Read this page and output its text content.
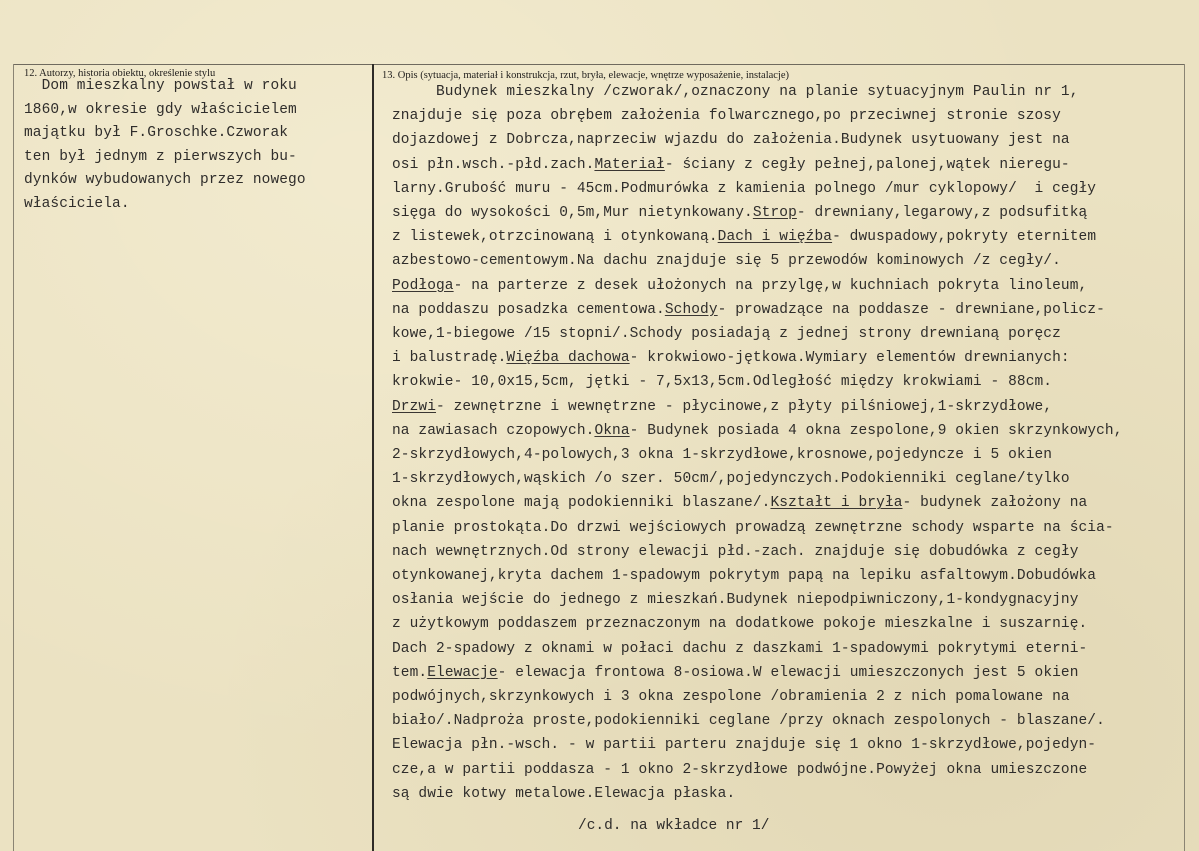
12. Autorzy, historia obiektu, określenie stylu	13. Opis (sytuacja, materiał i konstrukcja, rzut, bryła, elewacje, wnętrze wyposażenie, instalacje)
Dom mieszkalny powstał w roku
1860,w okresie gdy właścicielem
majątku był F.Groschke.Czworak
ten był jednym z pierwszych bu-
dynków wybudowanych przez nowego
właściciela.
Budynek mieszkalny /czworak/,oznaczony na planie sytuacyjnym Paulin nr 1,
znajduje się poza obrębem założenia folwarcznego,po przeciwnej stronie szosy
dojazdowej z Dobrcza,naprzeciw wjazdu do założenia.Budynek usytuowany jest na
osi płn.wsch.-płd.zach.Materiał- ściany z cegły pełnej,palonej,wątek nieregu-
larny.Grubość muru - 45cm.Podmurówka z kamienia polnego /mur cyklopowy/  i cegły
sięga do wysokości 0,5m,Mur nietynkowany.Strop- drewniany,legarowy,z podsufitką
z listewek,otrzcinowaną i otynkowaną.Dach i więźba- dwuspadowy,pokryty eternitem
azbestowo-cementowym.Na dachu znajduje się 5 przewodów kominowych /z cegły/.
Podłoga- na parterze z desek ułożonych na przylgę,w kuchniach pokryta linoleum,
na poddaszu posadzka cementowa.Schody- prowadzące na poddasze - drewniane,policz-
kowe,1-biegowe /15 stopni/.Schody posiadają z jednej strony drewnianą poręcz
i balustradę.Więźba dachowa- krokwiowo-jętkowa.Wymiary elementów drewnianych:
krokwie- 10,0x15,5cm, jętki - 7,5x13,5cm.Odległość między krokwiami - 88cm.
Drzwi- zewnętrzne i wewnętrzne - płycinowe,z płyty pilśniowej,1-skrzydłowe,
na zawiasach czopowych.Okna- Budynek posiada 4 okna zespolone,9 okien skrzynkowych,
2-skrzydłowych,4-polowych,3 okna 1-skrzydłowe,krosnowe,pojedyncze i 5 okien
1-skrzydłowych,wąskich /o szer. 50cm/,pojedynczych.Podokienniki ceglane/tylko
okna zespolone mają podokienniki blaszane/.Kształt i bryła- budynek założony na
planie prostokąta.Do drzwi wejściowych prowadzą zewnętrzne schody wsparte na ścia-
nach wewnętrznych.Od strony elewacji płd.-zach. znajduje się dobudówka z cegły
otynkowanej,kryta dachem 1-spadowym pokrytym papą na lepiku asfaltowym.Dobudówka
osłania wejście do jednego z mieszkań.Budynek niepodpiwniczony,1-kondygnacyjny
z użytkowym poddaszem przeznaczonym na dodatkowe pokoje mieszkalne i suszarnię.
Dach 2-spadowy z oknami w połaci dachu z daszkami 1-spadowymi pokrytymi eterni-
tem.Elewacje- elewacja frontowa 8-osiowa.W elewacji umieszczonych jest 5 okien
podwójnych,skrzynkowych i 3 okna zespolone /obramienia 2 z nich pomalowane na
biało/.Nadproża proste,podokienniki ceglane /przy oknach zespolonych - blaszane/.
Elewacja płn.-wsch. - w partii parteru znajduje się 1 okno 1-skrzydłowe,pojedyn-
cze,a w partii poddasza - 1 okno 2-skrzydłowe podwójne.Powyżej okna umieszczone
są dwie kotwy metalowe.Elewacja płaska.
/c.d. na wkładce nr 1/
